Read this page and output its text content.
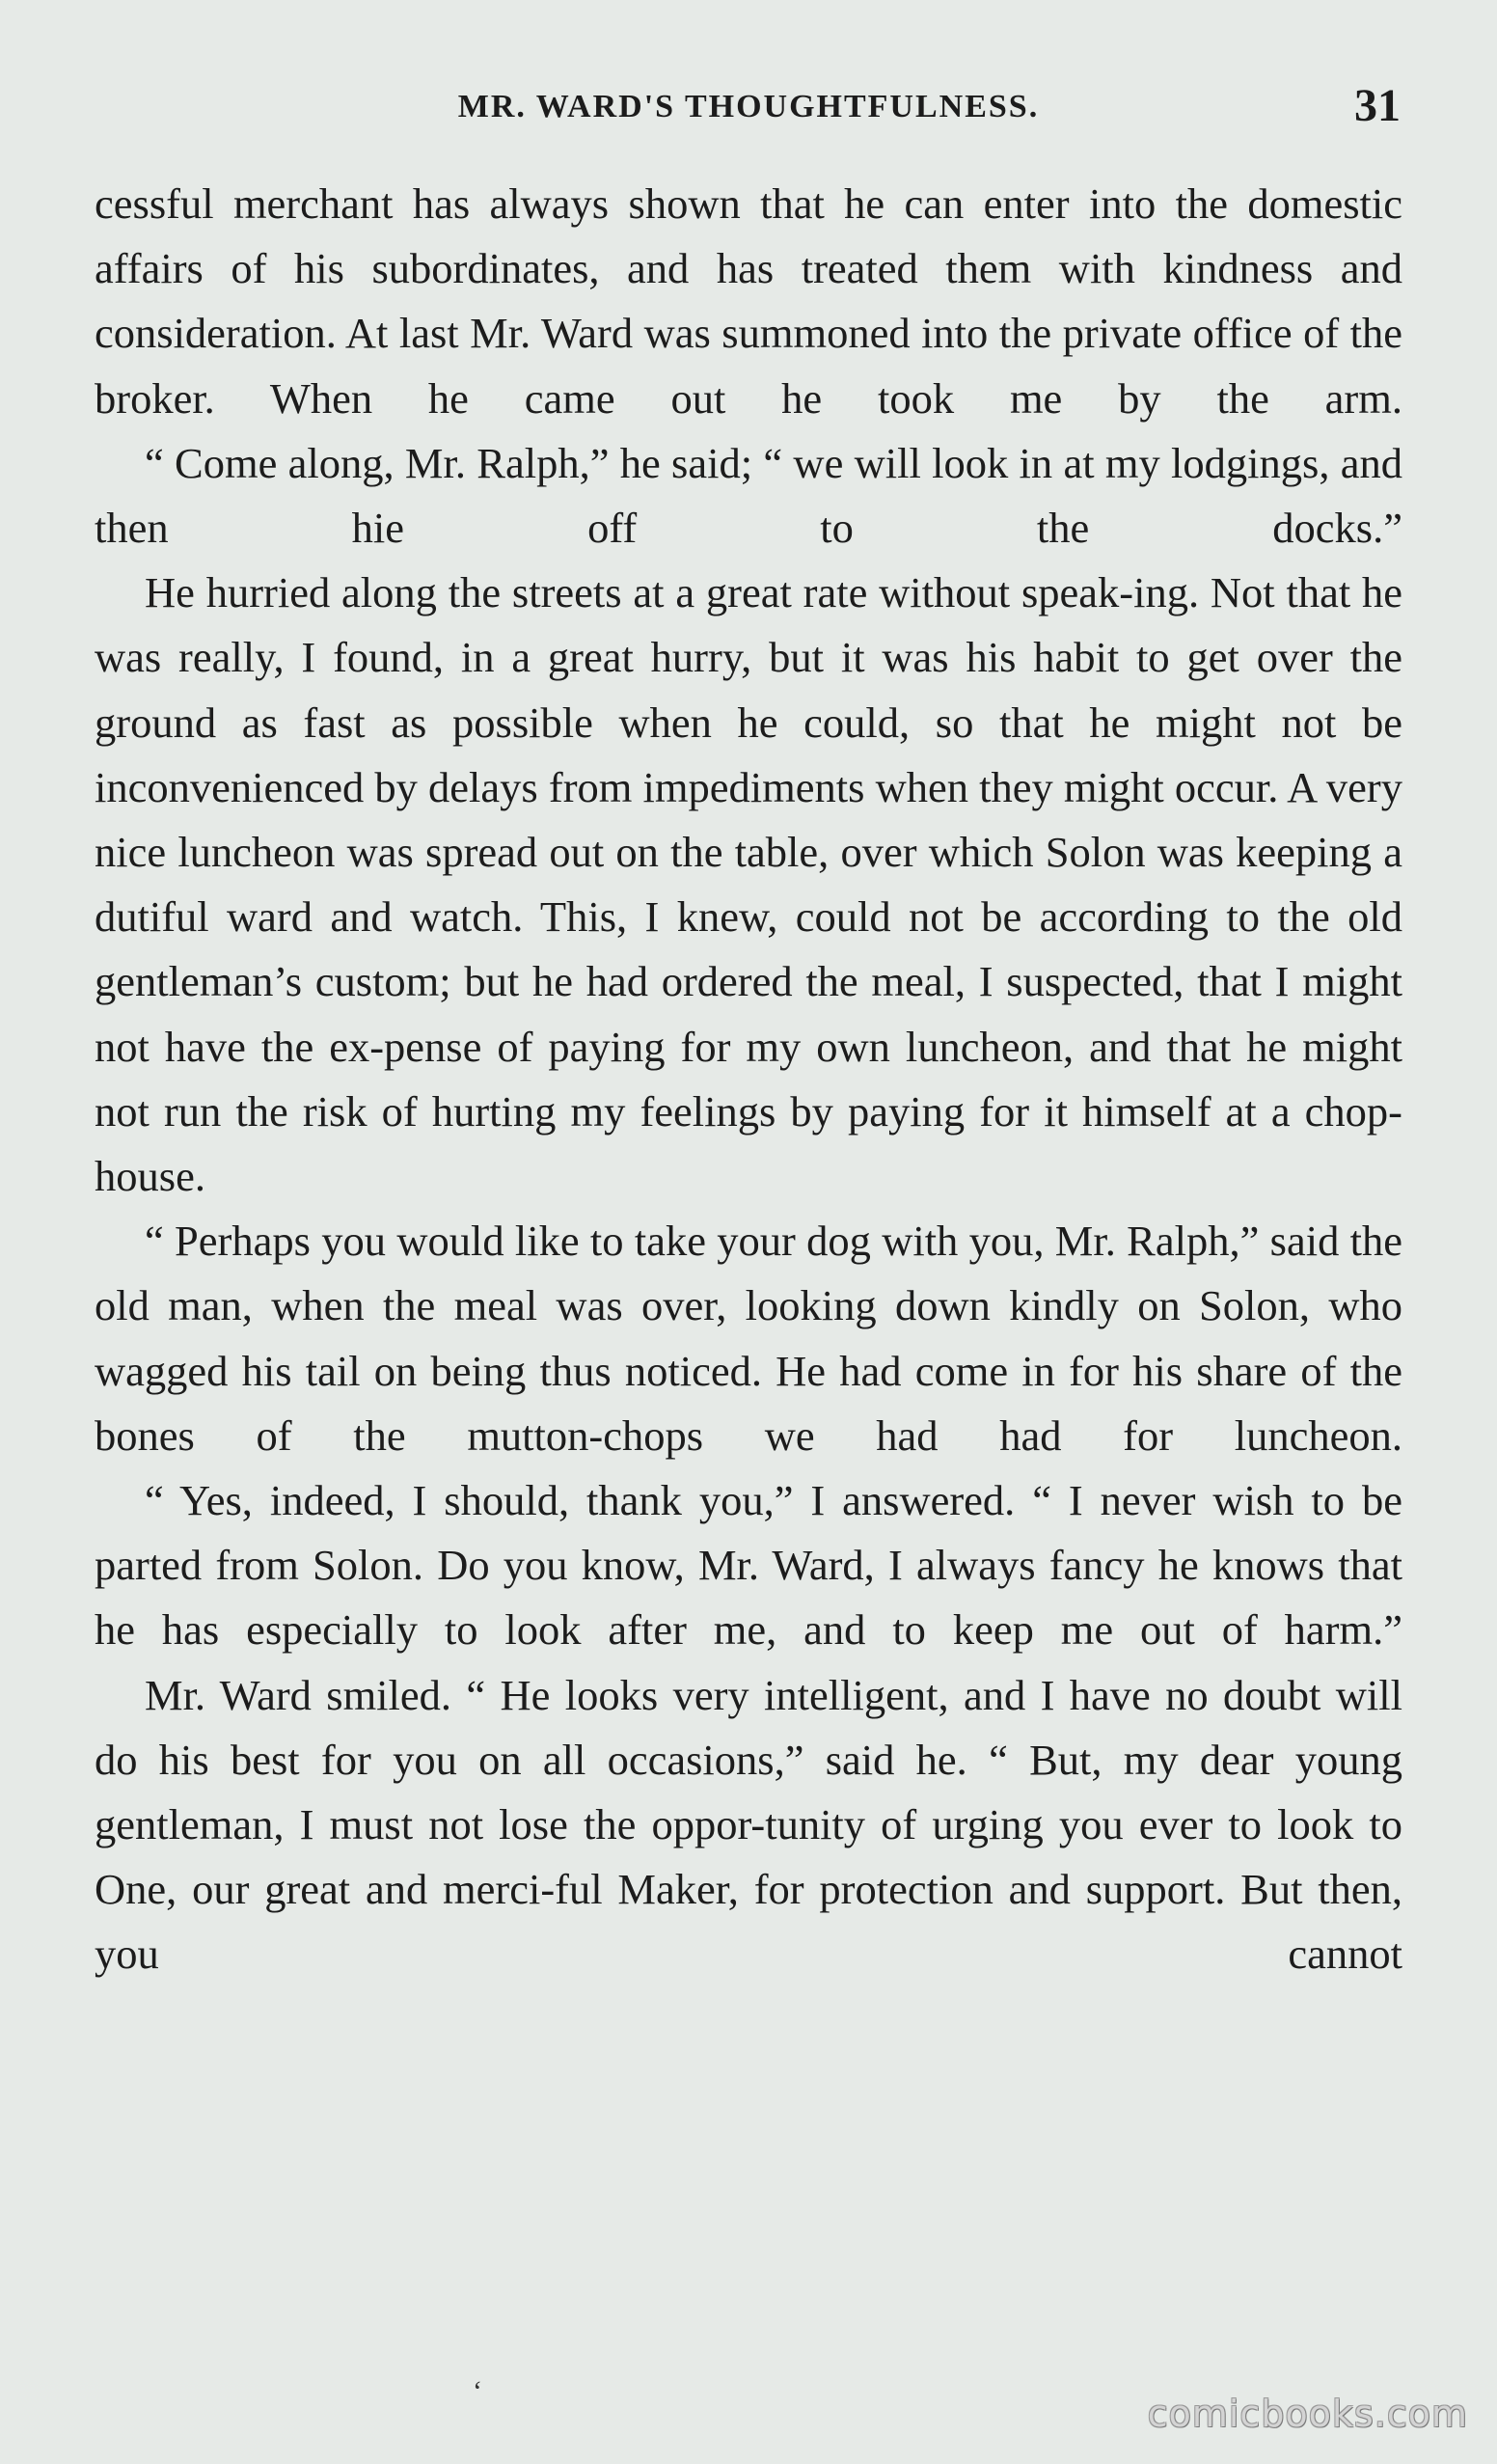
MR. WARD'S THOUGHTFULNESS.	31

cessful merchant has always shown that he can enter into the domestic affairs of his subordinates, and has treated them with kindness and consideration. At last Mr. Ward was summoned into the private office of the broker. When he came out he took me by the arm.

“ Come along, Mr. Ralph,” he said; “ we will look in at my lodgings, and then hie off to the docks.”

He hurried along the streets at a great rate without speak-ing. Not that he was really, I found, in a great hurry, but it was his habit to get over the ground as fast as possible when he could, so that he might not be inconvenienced by delays from impediments when they might occur. A very nice luncheon was spread out on the table, over which Solon was keeping a dutiful ward and watch. This, I knew, could not be according to the old gentleman’s custom; but he had ordered the meal, I suspected, that I might not have the ex-pense of paying for my own luncheon, and that he might not run the risk of hurting my feelings by paying for it himself at a chop-house.

“ Perhaps you would like to take your dog with you, Mr. Ralph,” said the old man, when the meal was over, looking down kindly on Solon, who wagged his tail on being thus noticed. He had come in for his share of the bones of the mutton-chops we had had for luncheon.

“ Yes, indeed, I should, thank you,” I answered. “ I never wish to be parted from Solon. Do you know, Mr. Ward, I always fancy he knows that he has especially to look after me, and to keep me out of harm.”

Mr. Ward smiled. “ He looks very intelligent, and I have no doubt will do his best for you on all occasions,” said he. “ But, my dear young gentleman, I must not lose the oppor-tunity of urging you ever to look to One, our great and merci-ful Maker, for protection and support. But then, you cannot

‘
comicbooks.com
